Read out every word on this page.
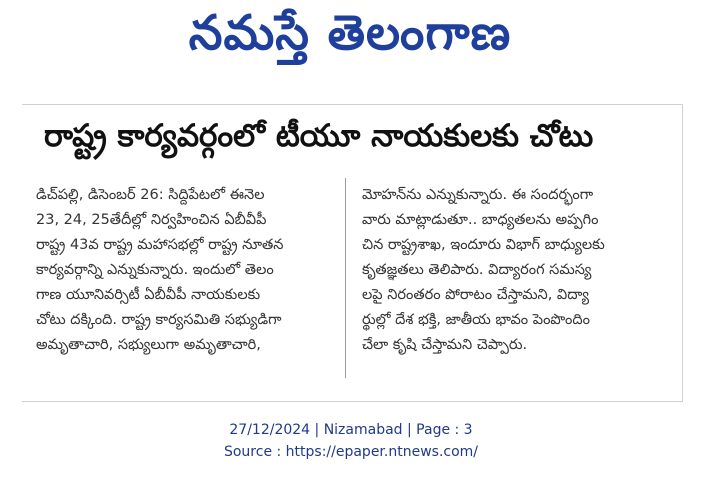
నమస్తే తెలంగాణ
రాష్ట్ర కార్యవర్గంలో టీయూ నాయకులకు చోటు
డిచ్‌పల్లి, డిసెంబర్ 26: సిద్దిపేటలో ఈనెల
23, 24, 25తేదీల్లో నిర్వహించిన ఏబీవీపీ
రాష్ట్ర 43వ రాష్ట్ర మహాసభల్లో రాష్ట్ర నూతన
కార్యవర్గాన్ని ఎన్నుకున్నారు. ఇందులో తెలం
గాణ యూనివర్సిటీ ఏబీవీపీ నాయకులకు
చోటు దక్కింది. రాష్ట్ర కార్యసమితి సభ్యుడిగా
అమృతాచారి, సభ్యులుగా అమృతాచారి,
మోహన్‌ను ఎన్నుకున్నారు. ఈ సందర్భంగా
వారు మాట్లాడుతూ.. బాధ్యతలను అప్పగిం
చిన రాష్ట్రశాఖ, ఇందూరు విభాగ్ బాధ్యులకు
కృతజ్ఞతలు తెలిపారు. విద్యారంగ సమస్య
లపై నిరంతరం పోరాటం చేస్తామని, విద్యా
ర్థుల్లో దేశ భక్తి, జాతీయ భావం పెంపొందిం
చేలా కృషి చేస్తామని చెప్పారు.
27/12/2024 | Nizamabad | Page : 3
Source : https://epaper.ntnews.com/
